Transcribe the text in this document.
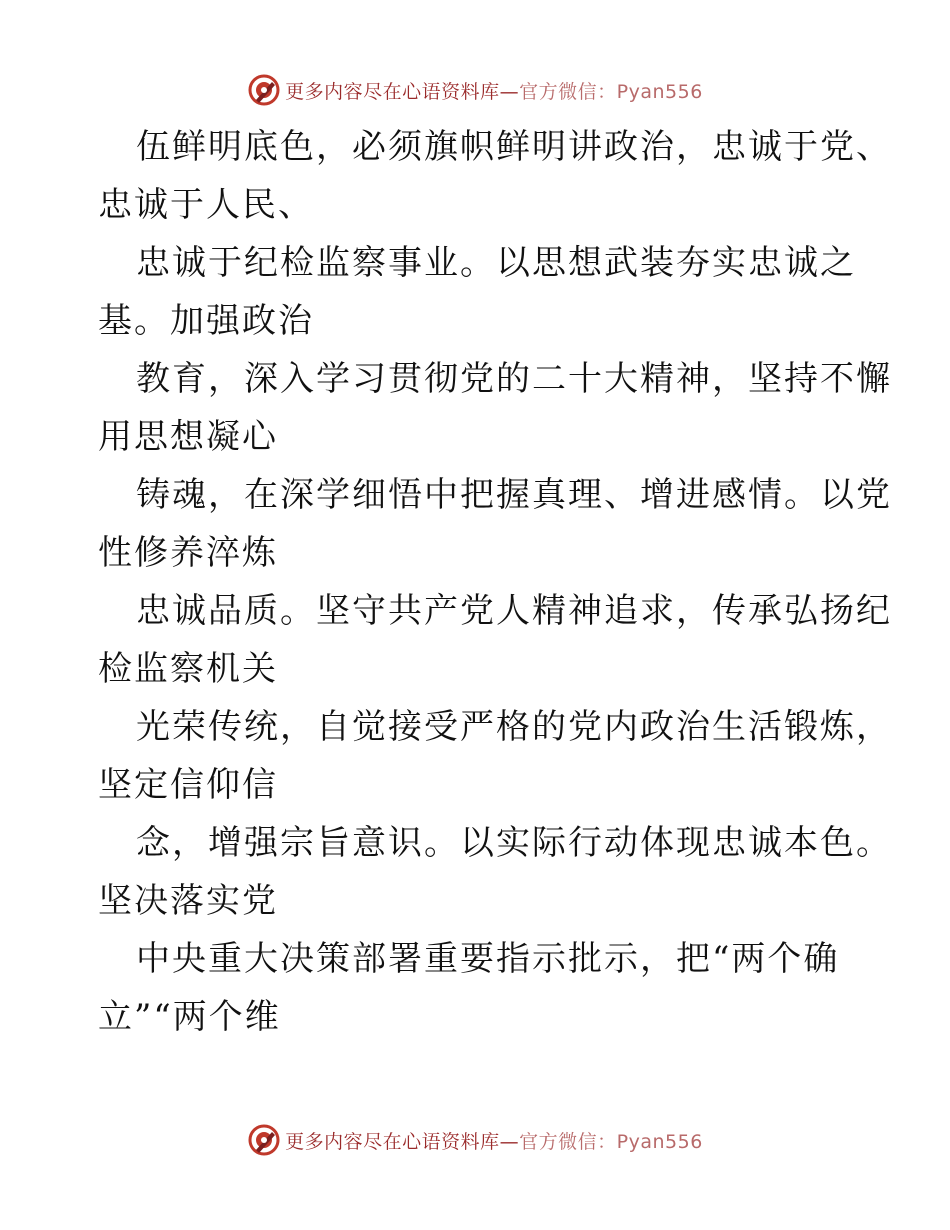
更多内容尽在心语资料库—官方微信：Pyan556
伍鲜明底色，必须旗帜鲜明讲政治，忠诚于党、
忠诚于人民、
忠诚于纪检监察事业。以思想武装夯实忠诚之
基。加强政治
教育，深入学习贯彻党的二十大精神，坚持不懈
用思想凝心
铸魂，在深学细悟中把握真理、增进感情。以党
性修养淬炼
忠诚品质。坚守共产党人精神追求，传承弘扬纪
检监察机关
光荣传统，自觉接受严格的党内政治生活锻炼，
坚定信仰信
念，增强宗旨意识。以实际行动体现忠诚本色。
坚决落实党
中央重大决策部署重要指示批示，把“两个确
立”“两个维
更多内容尽在心语资料库—官方微信：Pyan556
